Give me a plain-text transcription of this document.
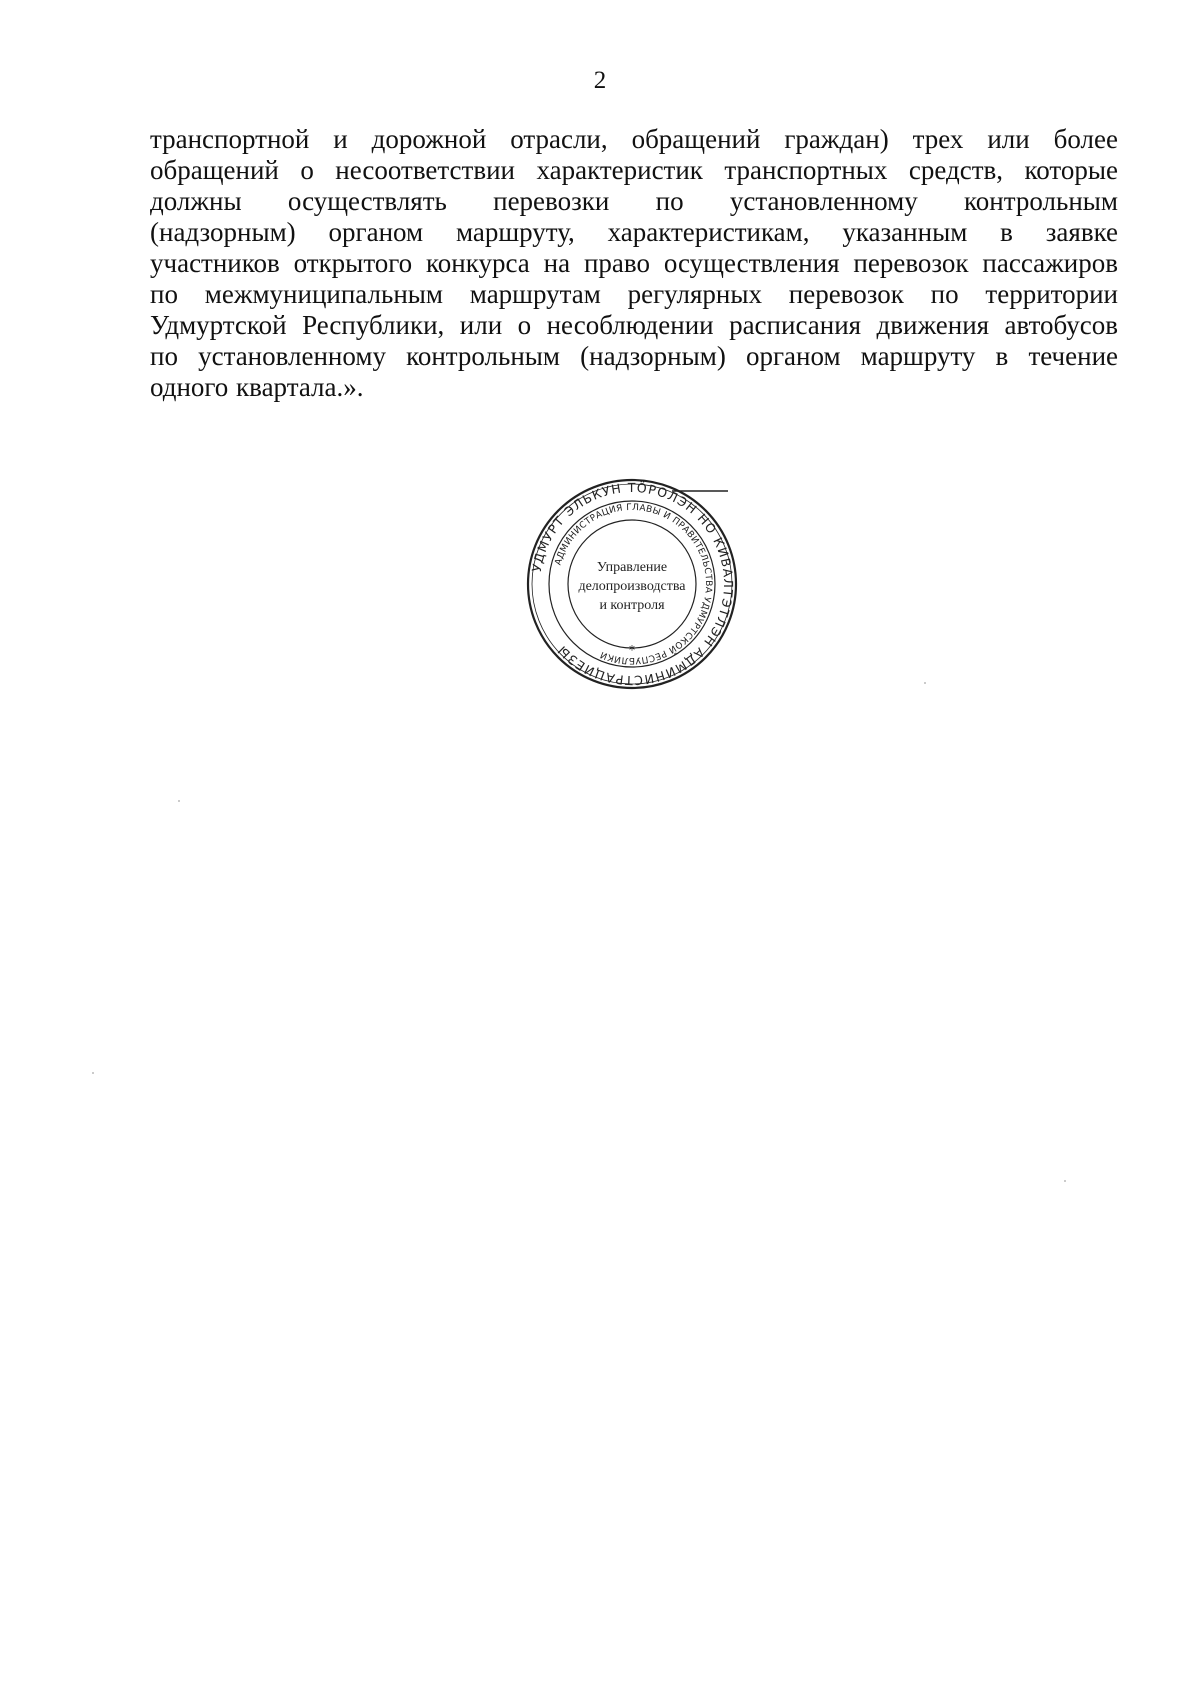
2
транспортной и дорожной отрасли, обращений граждан) трех или более
обращений о несоответствии характеристик транспортных средств, которые
должны осуществлять перевозки по установленному контрольным
(надзорным) органом маршруту, характеристикам, указанным в заявке
участников открытого конкурса на право осуществления перевозок пассажиров
по межмуниципальным маршрутам регулярных перевозок по территории
Удмуртской Республики, или о несоблюдении расписания движения автобусов
по установленному контрольным (надзорным) органом маршруту в течение
одного квартала.».
УДМУРТ ЭЛЬКУН ТӦРОЛЭН НО КИВАЛТЭТЛЭН АДМИНИСТРАЦИЕЗЫ
АДМИНИСТРАЦИЯ ГЛАВЫ И ПРАВИТЕЛЬСТВА УДМУРТСКОЙ РЕСПУБЛИКИ
Управление
делопроизводства
и контроля
*
